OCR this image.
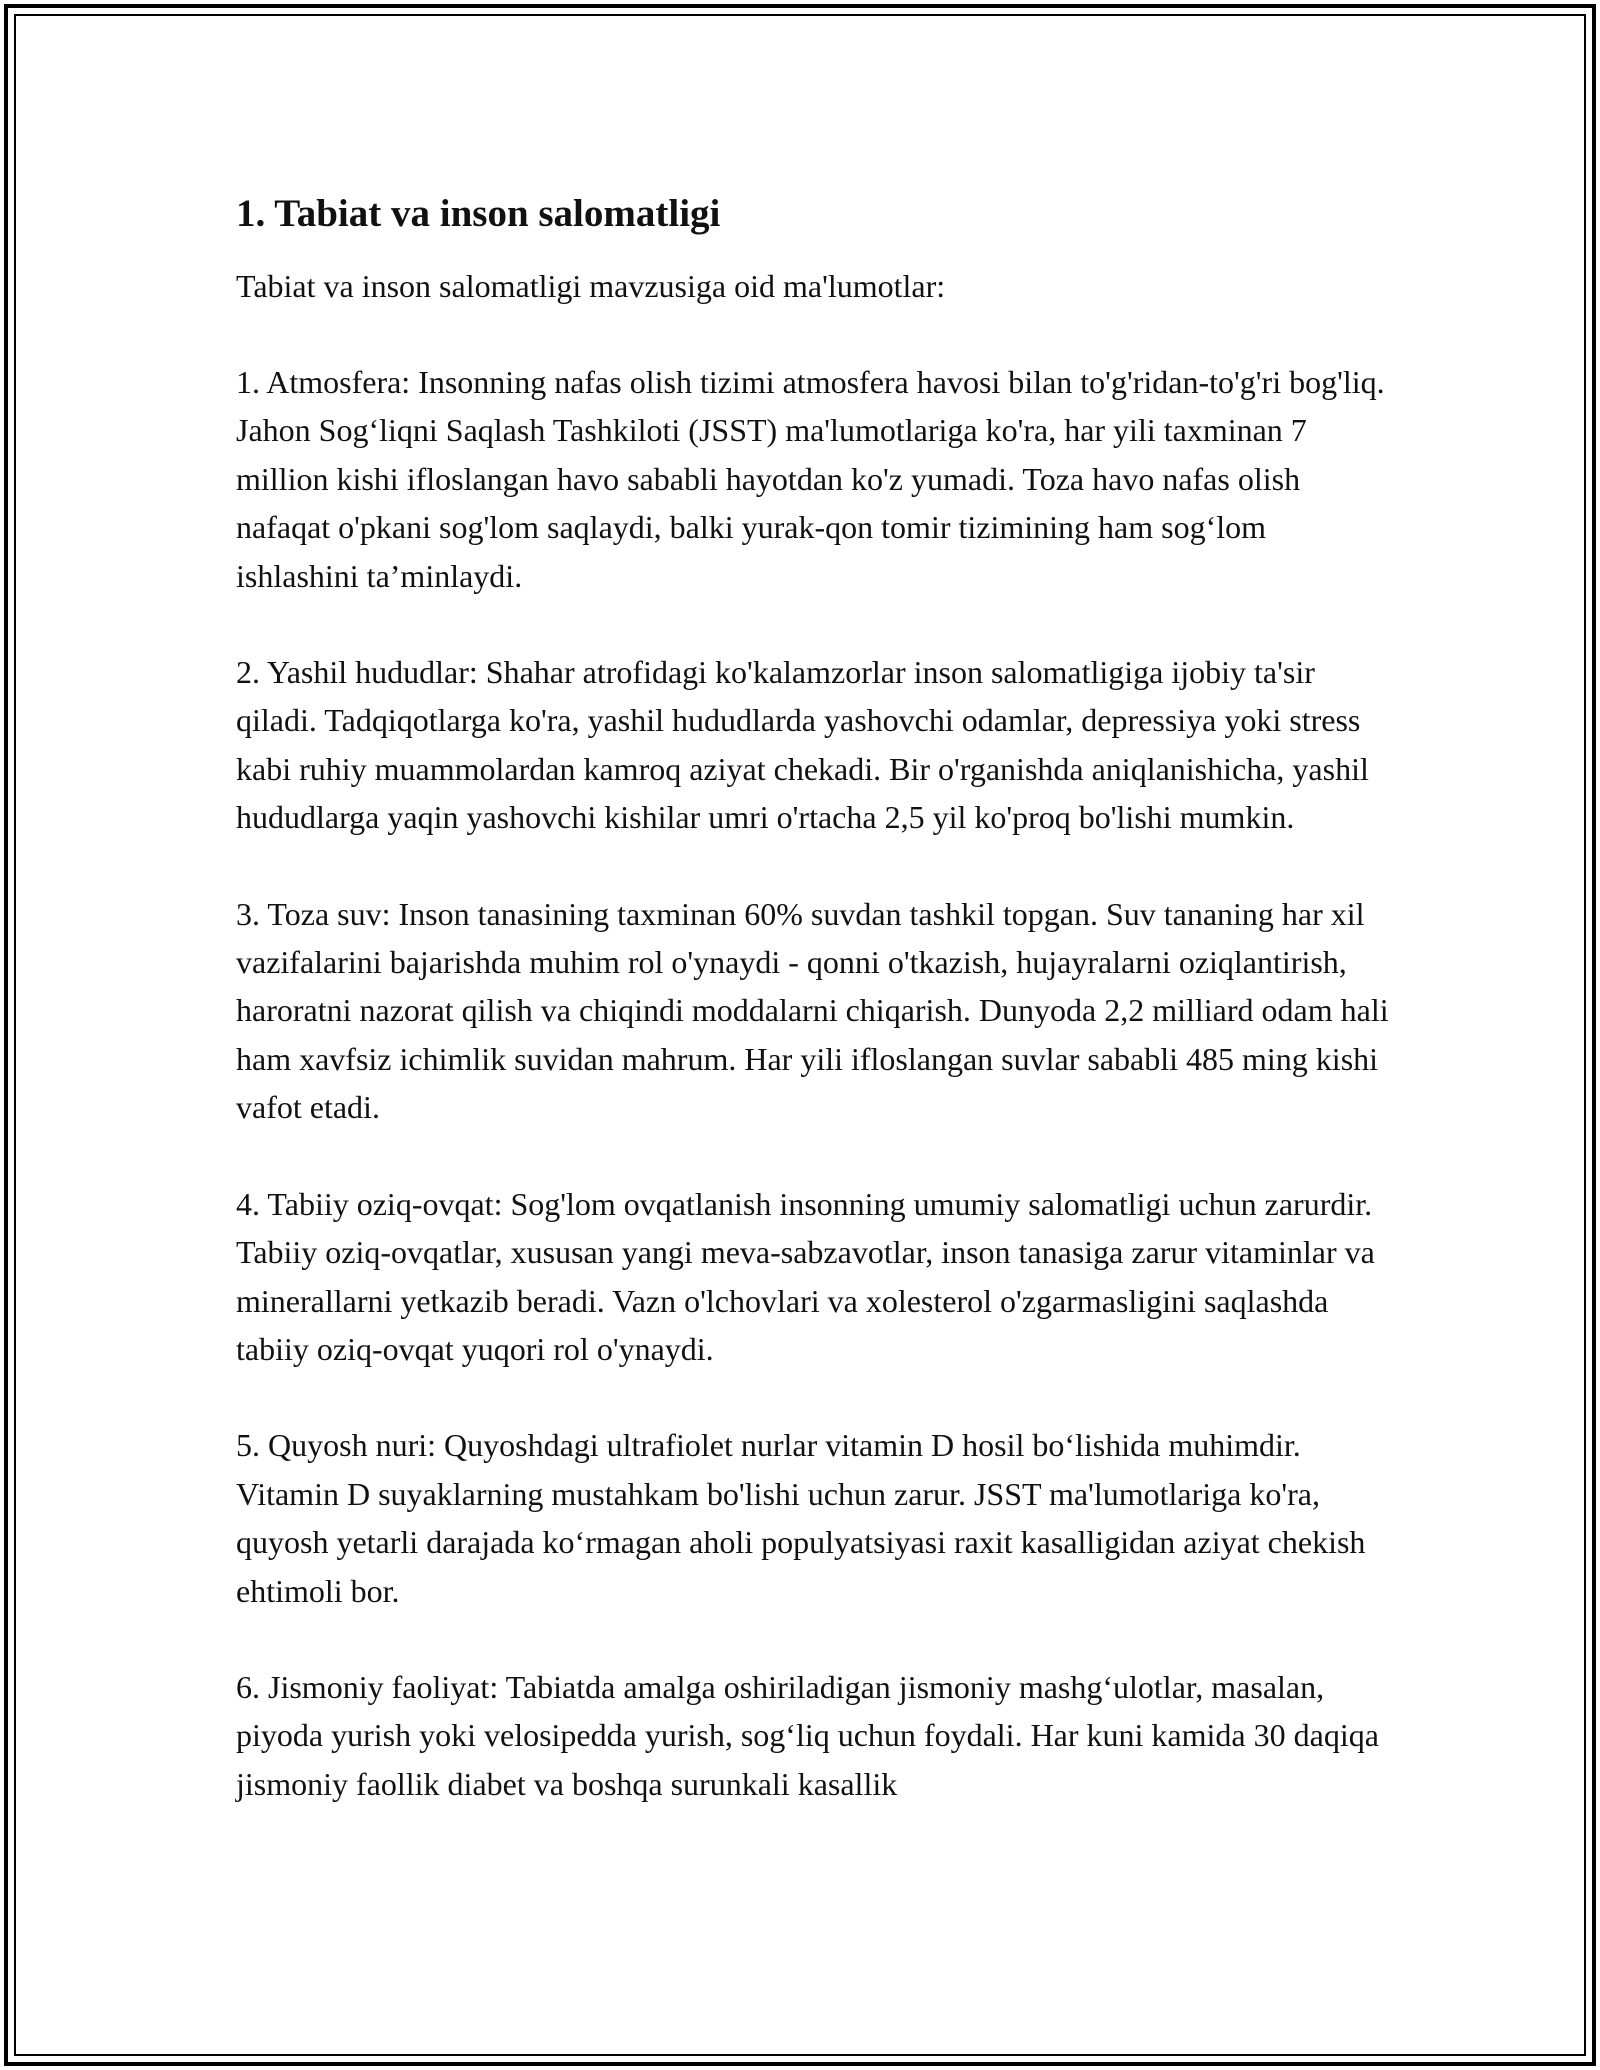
1. Tabiat va inson salomatligi

Tabiat va inson salomatligi mavzusiga oid ma'lumotlar:

1. Atmosfera: Insonning nafas olish tizimi atmosfera havosi bilan to'g'ridan-to'g'ri bog'liq. Jahon Sog‘liqni Saqlash Tashkiloti (JSST) ma'lumotlariga ko'ra, har yili taxminan 7 million kishi ifloslangan havo sababli hayotdan ko'z yumadi. Toza havo nafas olish nafaqat o'pkani sog'lom saqlaydi, balki yurak-qon tomir tizimining ham sog‘lom ishlashini ta’minlaydi.

2. Yashil hududlar: Shahar atrofidagi ko'kalamzorlar inson salomatligiga ijobiy ta'sir qiladi. Tadqiqotlarga ko'ra, yashil hududlarda yashovchi odamlar, depressiya yoki stress kabi ruhiy muammolardan kamroq aziyat chekadi. Bir o'rganishda aniqlanishicha, yashil hududlarga yaqin yashovchi kishilar umri o'rtacha 2,5 yil ko'proq bo'lishi mumkin.

3. Toza suv: Inson tanasining taxminan 60% suvdan tashkil topgan. Suv tananing har xil vazifalarini bajarishda muhim rol o'ynaydi - qonni o'tkazish, hujayralarni oziqlantirish, haroratni nazorat qilish va chiqindi moddalarni chiqarish. Dunyoda 2,2 milliard odam hali ham xavfsiz ichimlik suvidan mahrum. Har yili ifloslangan suvlar sababli 485 ming kishi vafot etadi.

4. Tabiiy oziq-ovqat: Sog'lom ovqatlanish insonning umumiy salomatligi uchun zarurdir. Tabiiy oziq-ovqatlar, xususan yangi meva-sabzavotlar, inson tanasiga zarur vitaminlar va minerallarni yetkazib beradi. Vazn o'lchovlari va xolesterol o'zgarmasligini saqlashda tabiiy oziq-ovqat yuqori rol o'ynaydi.

5. Quyosh nuri: Quyoshdagi ultrafiolet nurlar vitamin D hosil bo‘lishida muhimdir. Vitamin D suyaklarning mustahkam bo'lishi uchun zarur. JSST ma'lumotlariga ko'ra, quyosh yetarli darajada ko‘rmagan aholi populyatsiyasi raxit kasalligidan aziyat chekish ehtimoli bor.

6. Jismoniy faoliyat: Tabiatda amalga oshiriladigan jismoniy mashg‘ulotlar, masalan, piyoda yurish yoki velosipedda yurish, sog‘liq uchun foydali. Har kuni kamida 30 daqiqa jismoniy faollik diabet va boshqa surunkali kasallik
